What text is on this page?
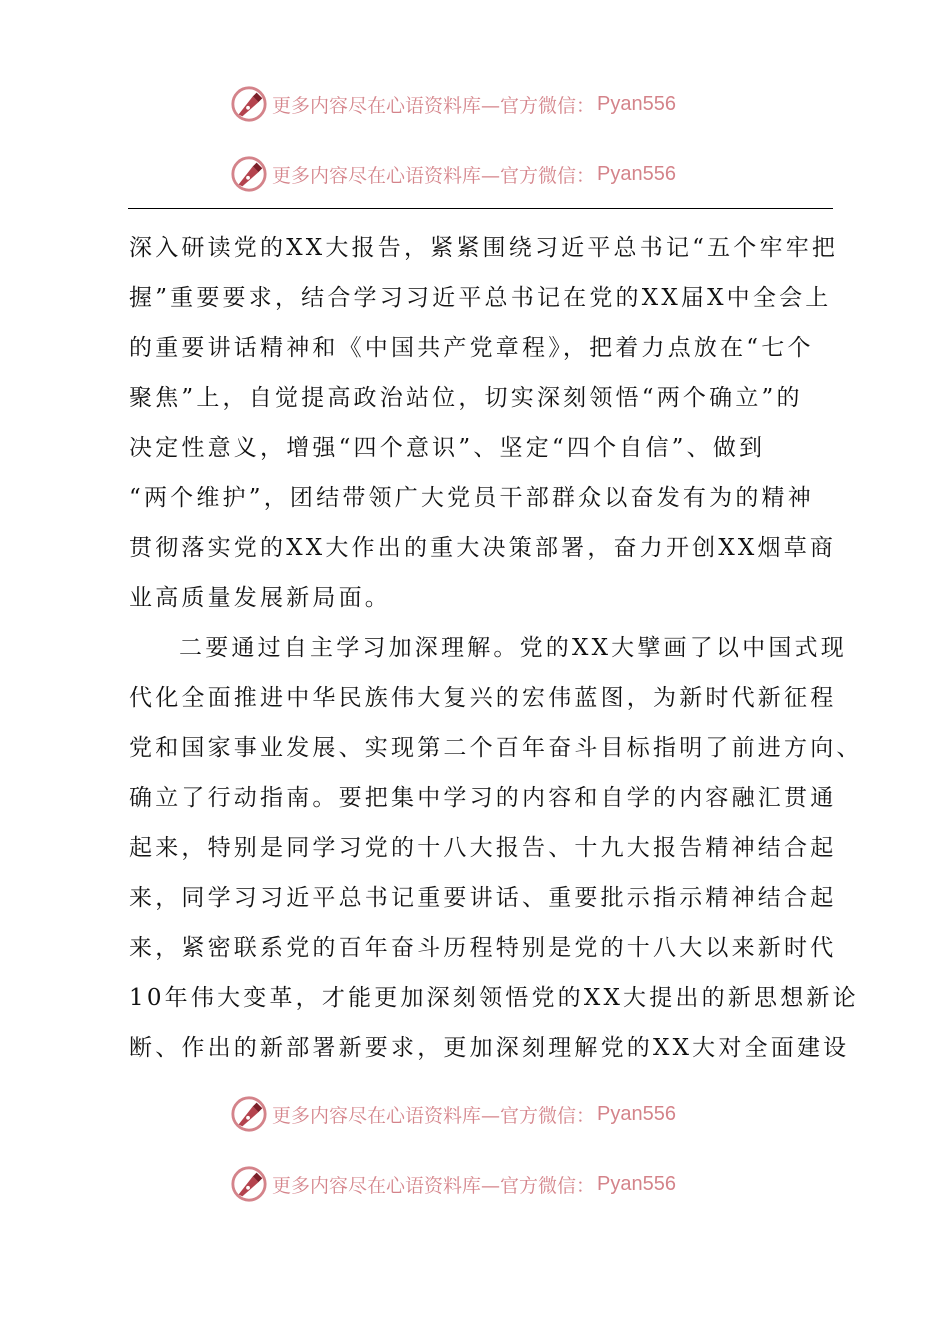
更多内容尽在心语资料库—官方微信： Pyan556
更多内容尽在心语资料库—官方微信： Pyan556
深入研读党的XX大报告，紧紧围绕习近平总书记“五个牢牢把
握”重要要求，结合学习习近平总书记在党的XX届X中全会上
的重要讲话精神和《中国共产党章程》，把着力点放在“七个
聚焦”上，自觉提高政治站位，切实深刻领悟“两个确立”的
决定性意义，增强“四个意识”、坚定“四个自信”、做到
“两个维护”，团结带领广大党员干部群众以奋发有为的精神
贯彻落实党的XX大作出的重大决策部署，奋力开创XX烟草商
业高质量发展新局面。
二要通过自主学习加深理解。党的XX大擘画了以中国式现
代化全面推进中华民族伟大复兴的宏伟蓝图，为新时代新征程
党和国家事业发展、实现第二个百年奋斗目标指明了前进方向、
确立了行动指南。要把集中学习的内容和自学的内容融汇贯通
起来，特别是同学习党的十八大报告、十九大报告精神结合起
来，同学习习近平总书记重要讲话、重要批示指示精神结合起
来，紧密联系党的百年奋斗历程特别是党的十八大以来新时代
10年伟大变革，才能更加深刻领悟党的XX大提出的新思想新论
断、作出的新部署新要求，更加深刻理解党的XX大对全面建设
更多内容尽在心语资料库—官方微信： Pyan556
更多内容尽在心语资料库—官方微信： Pyan556
